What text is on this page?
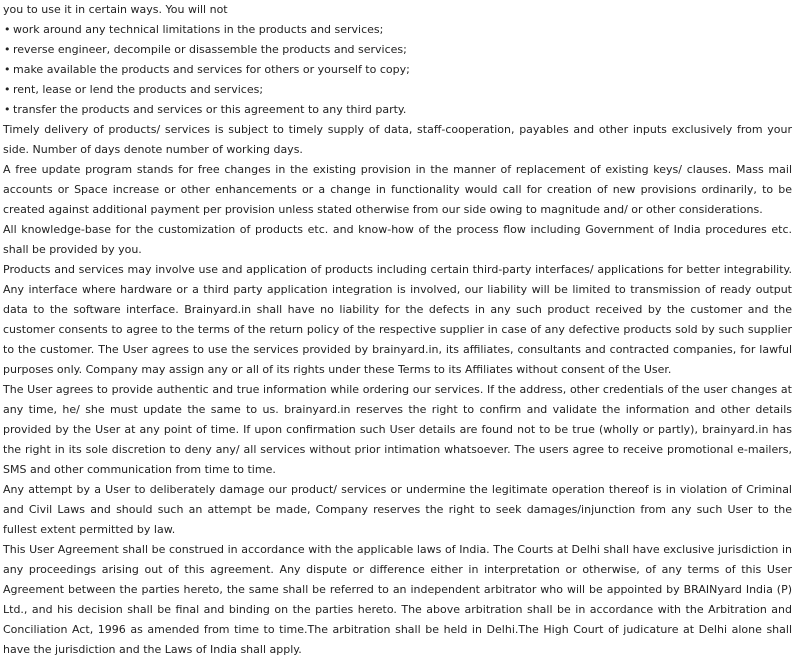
you to use it in certain ways. You will not

• work around any technical limitations in the products and services;
• reverse engineer, decompile or disassemble the products and services;
• make available the products and services for others or yourself to copy;
• rent, lease or lend the products and services;
• transfer the products and services or this agreement to any third party.

Timely delivery of products/ services is subject to timely supply of data, staff-cooperation, payables and other inputs exclusively from your side. Number of days denote number of working days.

A free update program stands for free changes in the existing provision in the manner of replacement of existing keys/ clauses. Mass mail accounts or Space increase or other enhancements or a change in functionality would call for creation of new provisions ordinarily, to be created against additional payment per provision unless stated otherwise from our side owing to magnitude and/ or other considerations.

All knowledge-base for the customization of products etc. and know-how of the process flow including Government of India procedures etc. shall be provided by you.

Products and services may involve use and application of products including certain third-party interfaces/ applications for better integrability. Any interface where hardware or a third party application integration is involved, our liability will be limited to transmission of ready output data to the software interface. Brainyard.in shall have no liability for the defects in any such product received by the customer and the customer consents to agree to the terms of the return policy of the respective supplier in case of any defective products sold by such supplier to the customer. The User agrees to use the services provided by brainyard.in, its affiliates, consultants and contracted companies, for lawful purposes only. Company may assign any or all of its rights under these Terms to its Affiliates without consent of the User.

The User agrees to provide authentic and true information while ordering our services. If the address, other credentials of the user changes at any time, he/ she must update the same to us. brainyard.in reserves the right to confirm and validate the information and other details provided by the User at any point of time. If upon confirmation such User details are found not to be true (wholly or partly), brainyard.in has the right in its sole discretion to deny any/ all services without prior intimation whatsoever. The users agree to receive promotional e-mailers, SMS and other communication from time to time.

Any attempt by a User to deliberately damage our product/ services or undermine the legitimate operation thereof is in violation of Criminal and Civil Laws and should such an attempt be made, Company reserves the right to seek damages/injunction from any such User to the fullest extent permitted by law.

This User Agreement shall be construed in accordance with the applicable laws of India. The Courts at Delhi shall have exclusive jurisdiction in any proceedings arising out of this agreement. Any dispute or difference either in interpretation or otherwise, of any terms of this User Agreement between the parties hereto, the same shall be referred to an independent arbitrator who will be appointed by BRAINyard India (P) Ltd., and his decision shall be final and binding on the parties hereto. The above arbitration shall be in accordance with the Arbitration and Conciliation Act, 1996 as amended from time to time.The arbitration shall be held in Delhi.The High Court of judicature at Delhi alone shall have the jurisdiction and the Laws of India shall apply.
